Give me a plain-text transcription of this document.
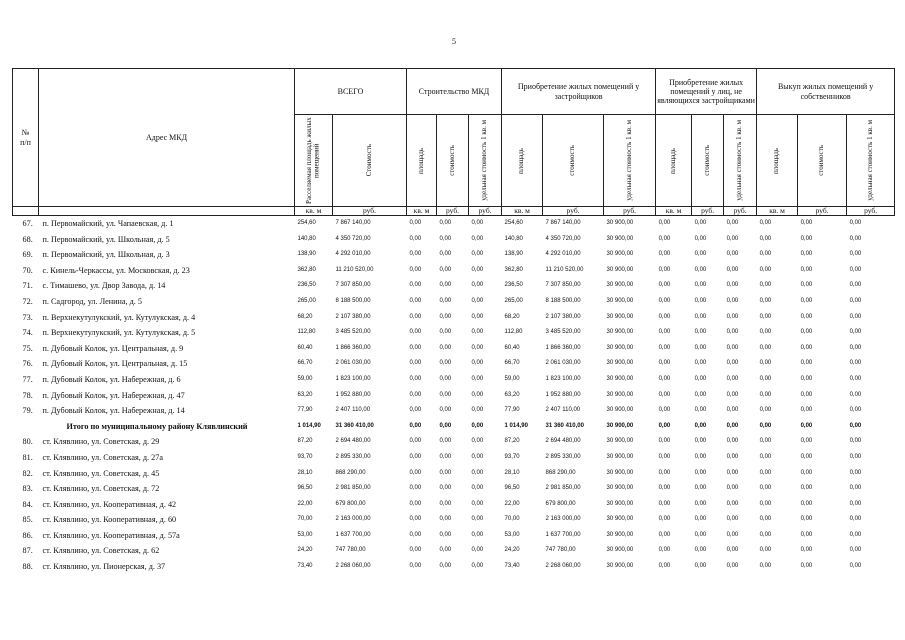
5
№
п/п	Адрес МКД	ВСЕГО		Строительство МКД			Приобретение жилых помещений у застройщиков			Приобретение жилых помещений у лиц, не являющихся застройщиками			Выкуп жилых помещений у собственников		

		Расселяемая площадь жилых помещений	Стоимость	площадь	стоимость	удельная стоимость 1 кв. м	площадь	стоимость	удельная стоимость 1 кв. м	площадь	стоимость	удельная стоимость 1 кв. м	площадь	стоимость	удельная стоимость 1 кв. м

		кв. м	руб.	кв. м	руб.	руб.	кв. м	руб.	руб.	кв. м	руб.	руб.	кв. м	руб.	руб.
67.	п. Первомайский, ул. Чапаевская, д. 1	254,60	7 867 140,00	0,00	0,00	0,00	254,60	7 867 140,00	30 900,00	0,00	0,00	0,00	0,00	0,00	0,00
68.	п. Первомайский, ул. Школьная, д. 5	140,80	4 350 720,00	0,00	0,00	0,00	140,80	4 350 720,00	30 900,00	0,00	0,00	0,00	0,00	0,00	0,00
69.	п. Первомайский, ул. Школьная, д. 3	138,90	4 292 010,00	0,00	0,00	0,00	138,90	4 292 010,00	30 900,00	0,00	0,00	0,00	0,00	0,00	0,00
70.	с. Кинель-Черкассы, ул. Московская, д. 23	362,80	11 210 520,00	0,00	0,00	0,00	362,80	11 210 520,00	30 900,00	0,00	0,00	0,00	0,00	0,00	0,00
71.	с. Тимашево, ул. Двор Завода, д. 14	236,50	7 307 850,00	0,00	0,00	0,00	236,50	7 307 850,00	30 900,00	0,00	0,00	0,00	0,00	0,00	0,00
72.	п. Садгород, ул. Ленина, д. 5	265,00	8 188 500,00	0,00	0,00	0,00	265,00	8 188 500,00	30 900,00	0,00	0,00	0,00	0,00	0,00	0,00
73.	п. Верхнекутулукский, ул. Кутулукская, д. 4	68,20	2 107 380,00	0,00	0,00	0,00	68,20	2 107 380,00	30 900,00	0,00	0,00	0,00	0,00	0,00	0,00
74.	п. Верхнекутулукский, ул. Кутулукская, д. 5	112,80	3 485 520,00	0,00	0,00	0,00	112,80	3 485 520,00	30 900,00	0,00	0,00	0,00	0,00	0,00	0,00
75.	п. Дубовый Колок, ул. Центральная, д. 9	60,40	1 866 360,00	0,00	0,00	0,00	60,40	1 866 360,00	30 900,00	0,00	0,00	0,00	0,00	0,00	0,00
76.	п. Дубовый Колок, ул. Центральная, д. 15	66,70	2 061 030,00	0,00	0,00	0,00	66,70	2 061 030,00	30 900,00	0,00	0,00	0,00	0,00	0,00	0,00
77.	п. Дубовый Колок, ул. Набережная, д. 6	59,00	1 823 100,00	0,00	0,00	0,00	59,00	1 823 100,00	30 900,00	0,00	0,00	0,00	0,00	0,00	0,00
78.	п. Дубовый Колок, ул. Набережная, д. 47	63,20	1 952 880,00	0,00	0,00	0,00	63,20	1 952 880,00	30 900,00	0,00	0,00	0,00	0,00	0,00	0,00
79.	п. Дубовый Колок, ул. Набережная, д. 14	77,90	2 407 110,00	0,00	0,00	0,00	77,90	2 407 110,00	30 900,00	0,00	0,00	0,00	0,00	0,00	0,00
	Итого по муниципальному району Клявлинский	1 014,90	31 360 410,00	0,00	0,00	0,00	1 014,90	31 360 410,00	30 900,00	0,00	0,00	0,00	0,00	0,00	0,00
80.	ст. Клявлино, ул. Советская, д. 29	87,20	2 694 480,00	0,00	0,00	0,00	87,20	2 694 480,00	30 900,00	0,00	0,00	0,00	0,00	0,00	0,00
81.	ст. Клявлино, ул. Советская, д. 27а	93,70	2 895 330,00	0,00	0,00	0,00	93,70	2 895 330,00	30 900,00	0,00	0,00	0,00	0,00	0,00	0,00
82.	ст. Клявлино, ул. Советская, д. 45	28,10	868 290,00	0,00	0,00	0,00	28,10	868 290,00	30 900,00	0,00	0,00	0,00	0,00	0,00	0,00
83.	ст. Клявлино, ул. Советская, д. 72	96,50	2 981 850,00	0,00	0,00	0,00	96,50	2 981 850,00	30 900,00	0,00	0,00	0,00	0,00	0,00	0,00
84.	ст. Клявлино, ул. Кооперативная, д. 42	22,00	679 800,00	0,00	0,00	0,00	22,00	679 800,00	30 900,00	0,00	0,00	0,00	0,00	0,00	0,00
85.	ст. Клявлино, ул. Кооперативная, д. 60	70,00	2 163 000,00	0,00	0,00	0,00	70,00	2 163 000,00	30 900,00	0,00	0,00	0,00	0,00	0,00	0,00
86.	ст. Клявлино, ул. Кооперативная, д. 57а	53,00	1 637 700,00	0,00	0,00	0,00	53,00	1 637 700,00	30 900,00	0,00	0,00	0,00	0,00	0,00	0,00
87.	ст. Клявлино, ул. Советская, д. 62	24,20	747 780,00	0,00	0,00	0,00	24,20	747 780,00	30 900,00	0,00	0,00	0,00	0,00	0,00	0,00
88.	ст. Клявлино, ул. Пионерская, д. 37	73,40	2 268 060,00	0,00	0,00	0,00	73,40	2 268 060,00	30 900,00	0,00	0,00	0,00	0,00	0,00	0,00
